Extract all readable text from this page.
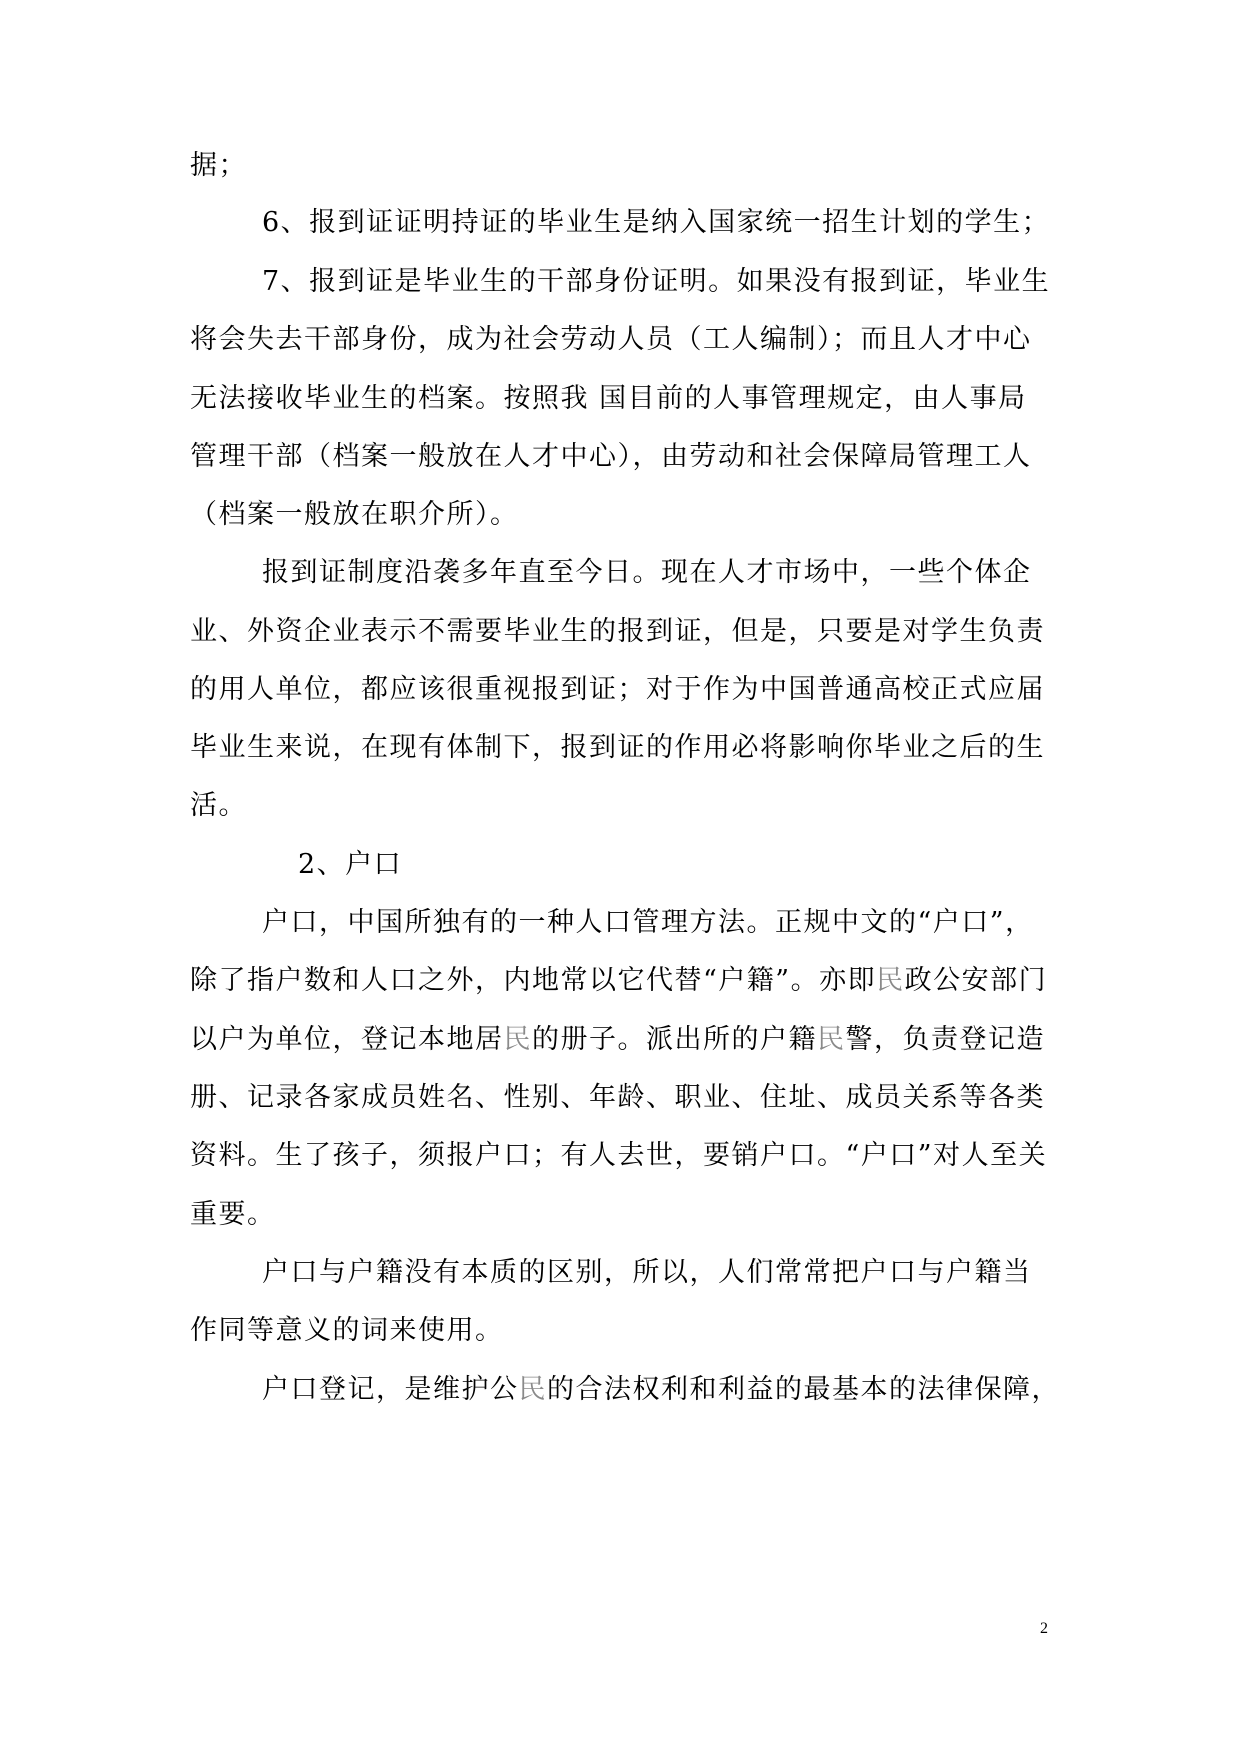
据；
6、报到证证明持证的毕业生是纳入国家统一招生计划的学生；
7、报到证是毕业生的干部身份证明。如果没有报到证，毕业生
将会失去干部身份，成为社会劳动人员（工人编制）；而且人才中心
无法接收毕业生的档案。按照我 国目前的人事管理规定，由人事局
管理干部（档案一般放在人才中心），由劳动和社会保障局管理工人
（档案一般放在职介所）。
报到证制度沿袭多年直至今日。现在人才市场中，一些个体企
业、外资企业表示不需要毕业生的报到证，但是，只要是对学生负责
的用人单位，都应该很重视报到证；对于作为中国普通高校正式应届
毕业生来说，在现有体制下，报到证的作用必将影响你毕业之后的生
活。
2、户口
户口，中国所独有的一种人口管理方法。正规中文的“户口”，
除了指户数和人口之外，内地常以它代替“户籍”。亦即民政公安部门
以户为单位，登记本地居民的册子。派出所的户籍民警，负责登记造
册、记录各家成员姓名、性别、年龄、职业、住址、成员关系等各类
资料。生了孩子，须报户口；有人去世，要销户口。“户口”对人至关
重要。
户口与户籍没有本质的区别，所以，人们常常把户口与户籍当
作同等意义的词来使用。
户口登记，是维护公民的合法权利和利益的最基本的法律保障，
2
